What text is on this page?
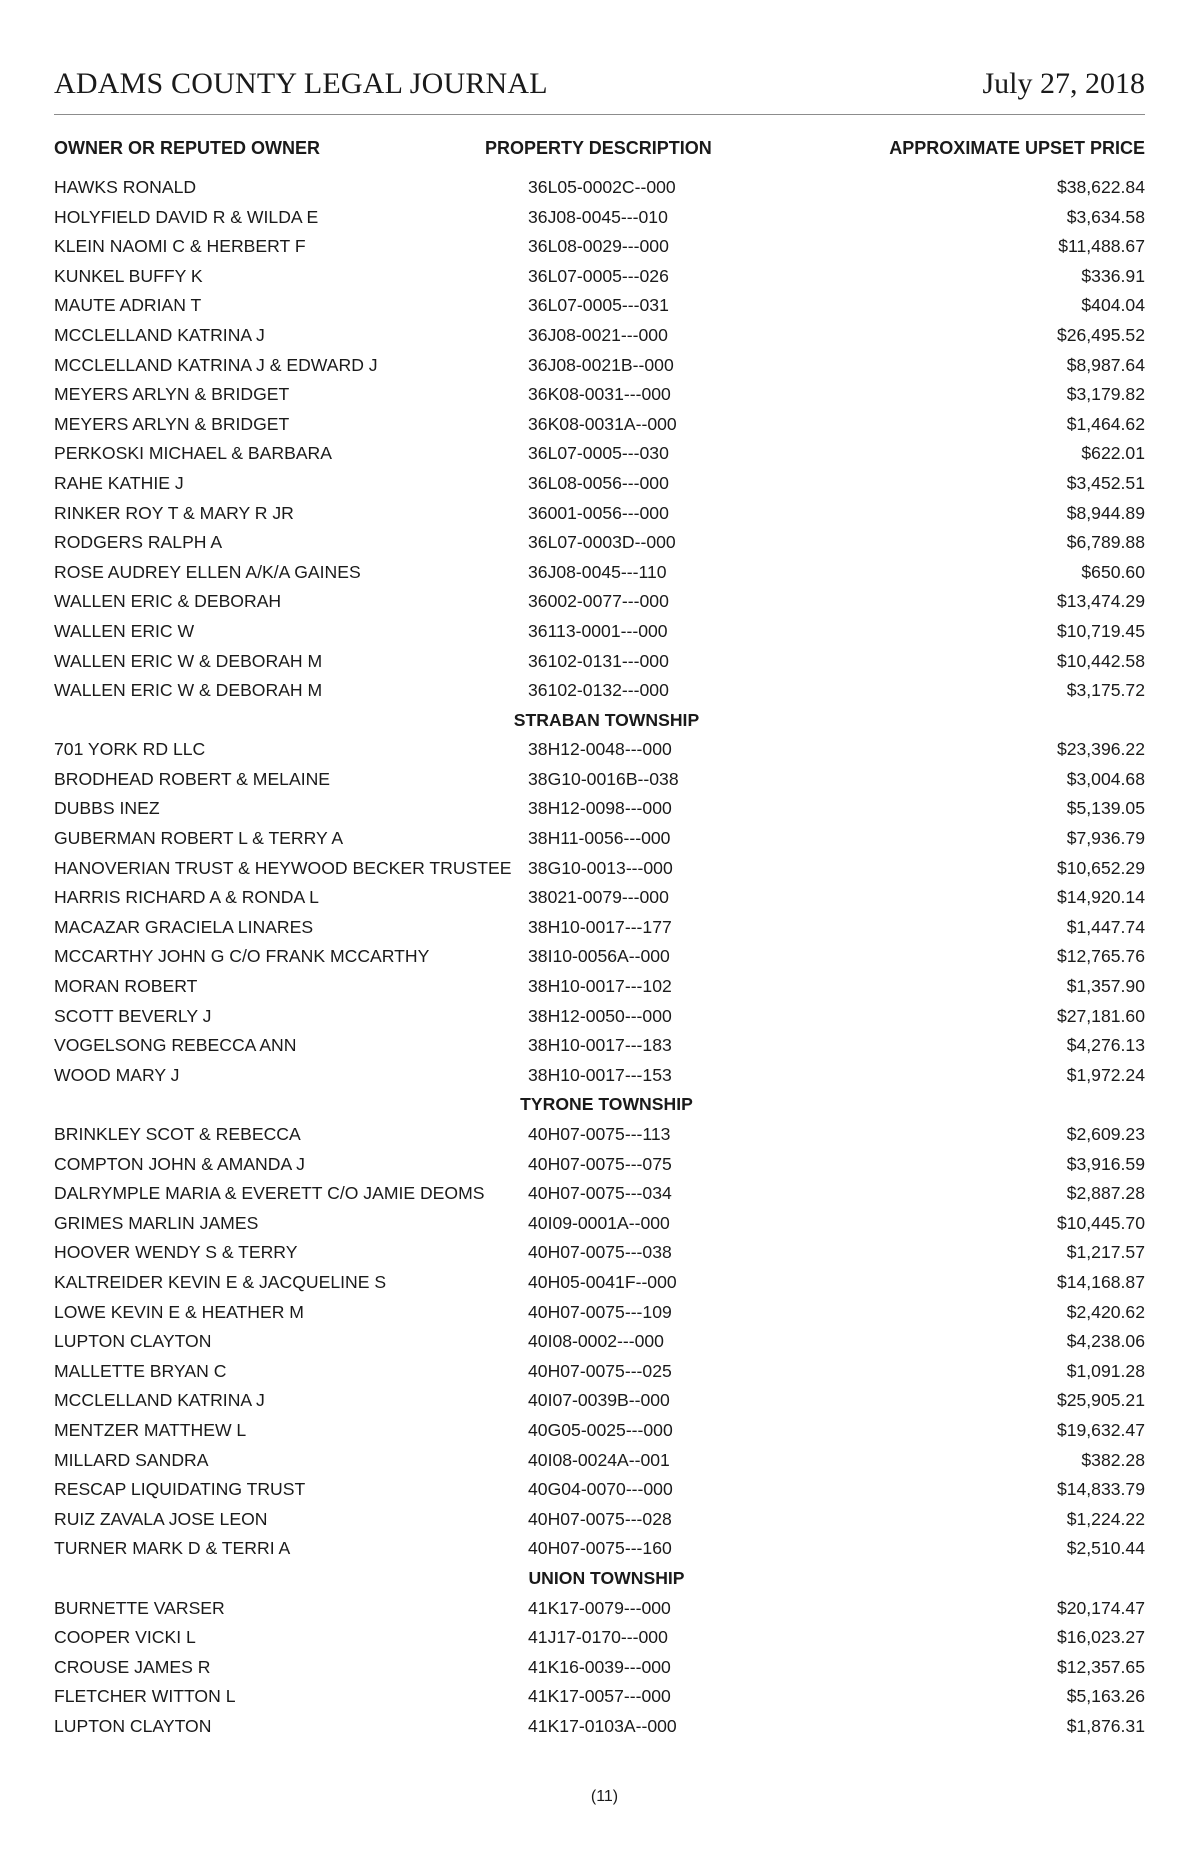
ADAMS COUNTY LEGAL JOURNAL	July 27, 2018
OWNER OR REPUTED OWNER	PROPERTY DESCRIPTION	APPROXIMATE UPSET PRICE
HAWKS RONALD	36L05-0002C--000	$38,622.84
HOLYFIELD DAVID R & WILDA E	36J08-0045---010	$3,634.58
KLEIN NAOMI C & HERBERT F	36L08-0029---000	$11,488.67
KUNKEL BUFFY K	36L07-0005---026	$336.91
MAUTE ADRIAN T	36L07-0005---031	$404.04
MCCLELLAND KATRINA J	36J08-0021---000	$26,495.52
MCCLELLAND KATRINA J & EDWARD J	36J08-0021B--000	$8,987.64
MEYERS ARLYN & BRIDGET	36K08-0031---000	$3,179.82
MEYERS ARLYN & BRIDGET	36K08-0031A--000	$1,464.62
PERKOSKI MICHAEL & BARBARA	36L07-0005---030	$622.01
RAHE KATHIE J	36L08-0056---000	$3,452.51
RINKER ROY T & MARY R JR	36001-0056---000	$8,944.89
RODGERS RALPH A	36L07-0003D--000	$6,789.88
ROSE AUDREY ELLEN A/K/A GAINES	36J08-0045---110	$650.60
WALLEN ERIC & DEBORAH	36002-0077---000	$13,474.29
WALLEN ERIC W	36113-0001---000	$10,719.45
WALLEN ERIC W & DEBORAH M	36102-0131---000	$10,442.58
WALLEN ERIC W & DEBORAH M	36102-0132---000	$3,175.72
STRABAN TOWNSHIP
701 YORK RD LLC	38H12-0048---000	$23,396.22
BRODHEAD ROBERT & MELAINE	38G10-0016B--038	$3,004.68
DUBBS INEZ	38H12-0098---000	$5,139.05
GUBERMAN ROBERT L & TERRY A	38H11-0056---000	$7,936.79
HANOVERIAN TRUST & HEYWOOD BECKER TRUSTEE 38G10-0013---000	$10,652.29
HARRIS RICHARD A & RONDA L	38021-0079---000	$14,920.14
MACAZAR GRACIELA LINARES	38H10-0017---177	$1,447.74
MCCARTHY JOHN G C/O FRANK MCCARTHY	38I10-0056A--000	$12,765.76
MORAN ROBERT	38H10-0017---102	$1,357.90
SCOTT BEVERLY J	38H12-0050---000	$27,181.60
VOGELSONG REBECCA ANN	38H10-0017---183	$4,276.13
WOOD MARY J	38H10-0017---153	$1,972.24
TYRONE TOWNSHIP
BRINKLEY SCOT & REBECCA	40H07-0075---113	$2,609.23
COMPTON JOHN & AMANDA J	40H07-0075---075	$3,916.59
DALRYMPLE MARIA & EVERETT C/O JAMIE DEOMS 40H07-0075---034	$2,887.28
GRIMES MARLIN JAMES	40I09-0001A--000	$10,445.70
HOOVER WENDY S & TERRY	40H07-0075---038	$1,217.57
KALTREIDER KEVIN E & JACQUELINE S	40H05-0041F--000	$14,168.87
LOWE KEVIN E & HEATHER M	40H07-0075---109	$2,420.62
LUPTON CLAYTON	40I08-0002---000	$4,238.06
MALLETTE BRYAN C	40H07-0075---025	$1,091.28
MCCLELLAND KATRINA J	40I07-0039B--000	$25,905.21
MENTZER MATTHEW L	40G05-0025---000	$19,632.47
MILLARD SANDRA	40I08-0024A--001	$382.28
RESCAP LIQUIDATING TRUST	40G04-0070---000	$14,833.79
RUIZ ZAVALA JOSE LEON	40H07-0075---028	$1,224.22
TURNER MARK D & TERRI A	40H07-0075---160	$2,510.44
UNION TOWNSHIP
BURNETTE VARSER	41K17-0079---000	$20,174.47
COOPER VICKI L	41J17-0170---000	$16,023.27
CROUSE JAMES R	41K16-0039---000	$12,357.65
FLETCHER WITTON L	41K17-0057---000	$5,163.26
LUPTON CLAYTON	41K17-0103A--000	$1,876.31
(11)
